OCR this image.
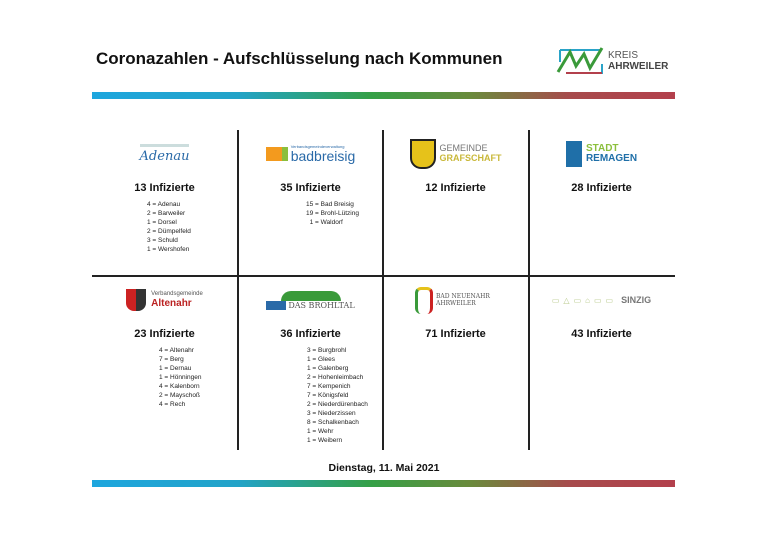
Coronazahlen - Aufschlüsselung nach Kommunen	KREIS
AHRWEILER
Adenau
13 Infizierte
4 = Adenau
2 = Barweiler
1 = Dorsel
2 = Dümpelfeld
3 = Schuld
1 = Wershofen
Verbandsgemeindeverwaltung
badbreisig
35 Infizierte
15 = Bad Breisig
19 = Brohl-Lützing
1 = Waldorf
GEMEINDE
GRAFSCHAFT
12 Infizierte
STADT
REMAGEN
28 Infizierte
Verbandsgemeinde
Altenahr
23 Infizierte
4 = Altenahr
7 = Berg
1 = Dernau
1 = Hönningen
4 = Kalenborn
2 = Mayschoß
4 = Rech
DAS BROHLTAL
36 Infizierte
3 = Burgbrohl
1 = Glees
1 = Galenberg
2 = Hohenleimbach
7 = Kempenich
7 = Königsfeld
2 = Niederdürenbach
3 = Niederzissen
8 = Schalkenbach
1 = Wehr
1 = Weibern
BAD NEUENAHR AHRWEILER
71 Infizierte
▭△▭⌂▭▭ SINZIG
43 Infizierte
Dienstag, 11. Mai 2021
